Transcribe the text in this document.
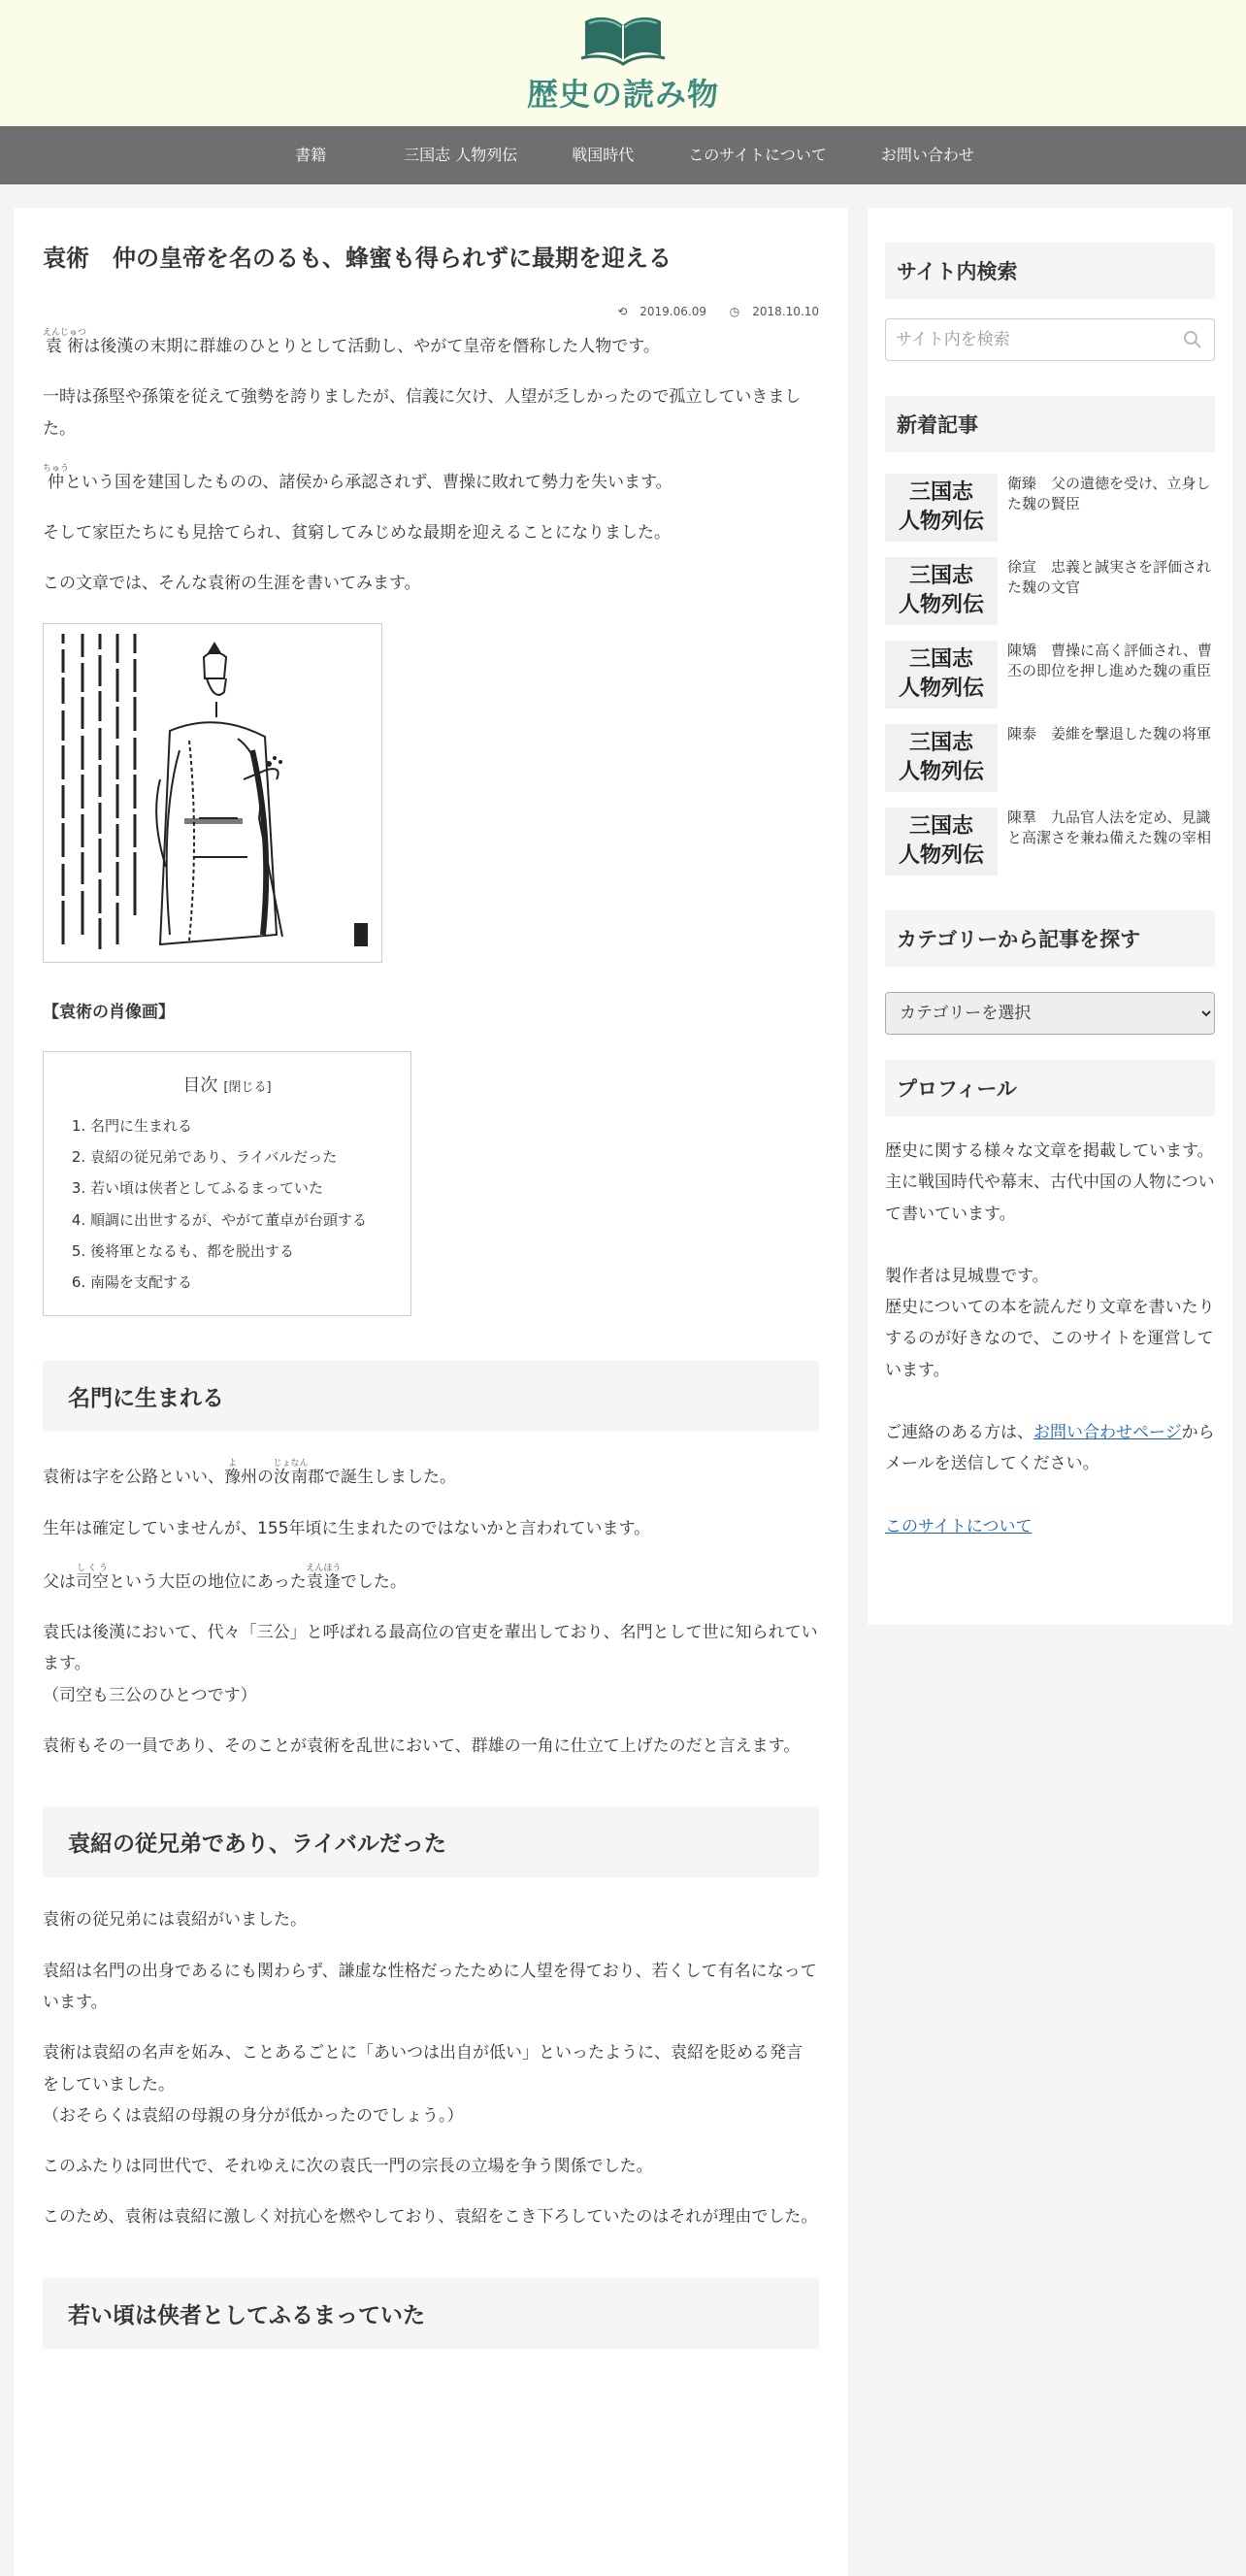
歴史の読み物
書籍	三国志 人物列伝	戦国時代	このサイトについて	お問い合わせ
袁術　仲の皇帝を名のるも、蜂蜜も得られずに最期を迎える
⟲ 2019.06.09 ◷ 2018.10.10

袁術えんじゅつは後漢の末期に群雄のひとりとして活動し、やがて皇帝を僭称した人物です。

一時は孫堅や孫策を従えて強勢を誇りましたが、信義に欠け、人望が乏しかったので孤立していきました。

仲ちゅうという国を建国したものの、諸侯から承認されず、曹操に敗れて勢力を失います。

そして家臣たちにも見捨てられ、貧窮してみじめな最期を迎えることになりました。

この文章では、そんな袁術の生涯を書いてみます。

【袁術の肖像画】
目次 [閉じる]
1. 名門に生まれる
2. 袁紹の従兄弟であり、ライバルだった
3. 若い頃は侠者としてふるまっていた
4. 順調に出世するが、やがて董卓が台頭する
5. 後将軍となるも、都を脱出する
6. 南陽を支配する
名門に生まれる

袁術は字を公路といい、豫よ州の汝南じょなん郡で誕生しました。

生年は確定していませんが、155年頃に生まれたのではないかと言われています。

父は司空しくうという大臣の地位にあった袁逢えんほうでした。

袁氏は後漢において、代々「三公」と呼ばれる最高位の官吏を輩出しており、名門として世に知られています。
（司空も三公のひとつです）

袁術もその一員であり、そのことが袁術を乱世において、群雄の一角に仕立て上げたのだと言えます。

袁紹の従兄弟であり、ライバルだった

袁術の従兄弟には袁紹がいました。

袁紹は名門の出身であるにも関わらず、謙虚な性格だったために人望を得ており、若くして有名になっています。

袁術は袁紹の名声を妬み、ことあるごとに「あいつは出自が低い」といったように、袁紹を貶める発言をしていました。
（おそらくは袁紹の母親の身分が低かったのでしょう。）

このふたりは同世代で、それゆえに次の袁氏一門の宗長の立場を争う関係でした。

このため、袁術は袁紹に激しく対抗心を燃やしており、袁紹をこき下ろしていたのはそれが理由でした。

若い頃は侠者としてふるまっていた
サイト内検索
サイト内を検索
新着記事
三国志
人物列伝
衛臻　父の遺徳を受け、立身した魏の賢臣
三国志
人物列伝
徐宣　忠義と誠実さを評価された魏の文官
三国志
人物列伝
陳矯　曹操に高く評価され、曹丕の即位を押し進めた魏の重臣
三国志
人物列伝
陳泰　姜維を撃退した魏の将軍
三国志
人物列伝
陳羣　九品官人法を定め、見識と高潔さを兼ね備えた魏の宰相
カテゴリーから記事を探す
カテゴリーを選択
プロフィール
歴史に関する様々な文章を掲載しています。
主に戦国時代や幕末、古代中国の人物について書いています。
製作者は見城豊です。
歴史についての本を読んだり文章を書いたりするのが好きなので、このサイトを運営しています。
ご連絡のある方は、お問い合わせページからメールを送信してください。
このサイトについて
